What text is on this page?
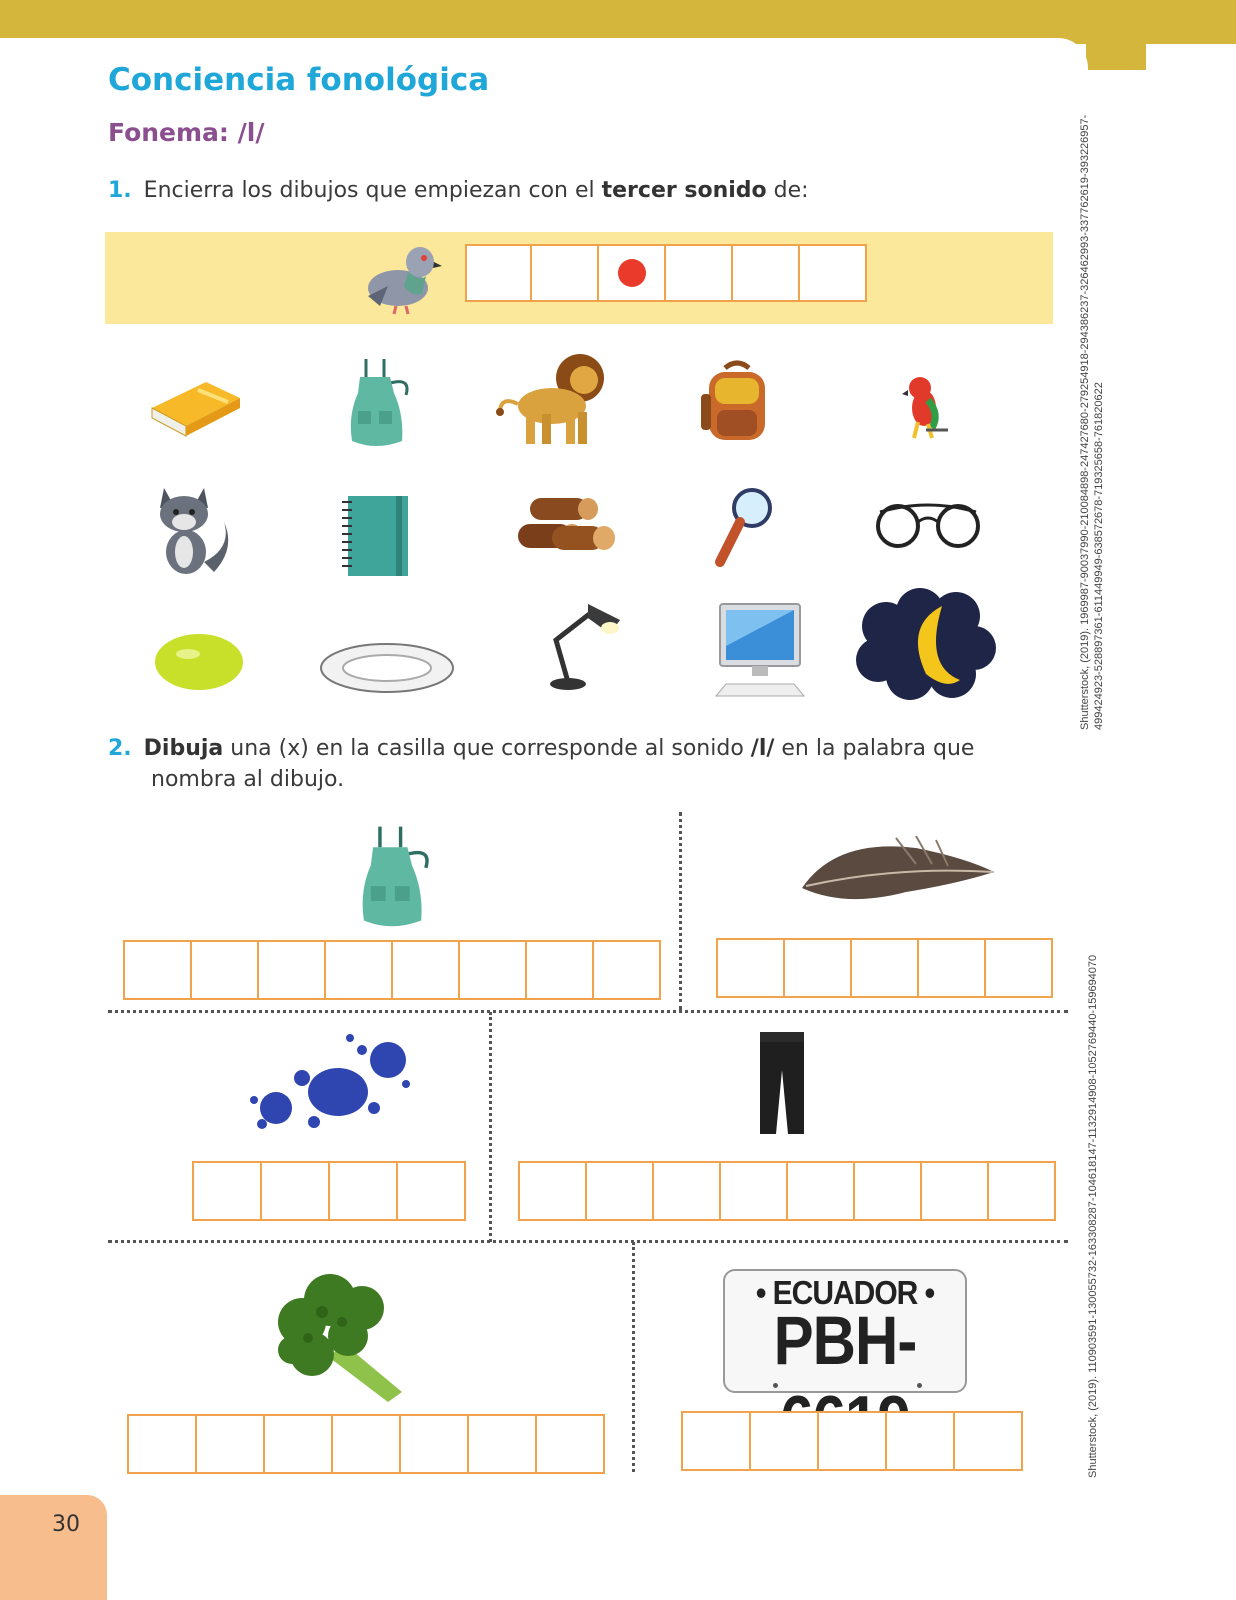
Conciencia fonológica
Fonema: /l/
1. Encierra los dibujos que empiezan con el tercer sonido de:
2. Dibuja una (x) en la casilla que corresponde al sonido /l/ en la palabra que
nombra al dibujo.
• ECUADOR •
PBH-
Shutterstock, (2019). 1969987-90037990-210084898-247427680-279254918-294386237-326462993-337762619-393226957- 499424923-528897361-611449949-638572678-719325658-761820622
Shutterstock, (2019). 110903591-130055732-163308287-104618147-1132914908-1052769440-159694070
30
